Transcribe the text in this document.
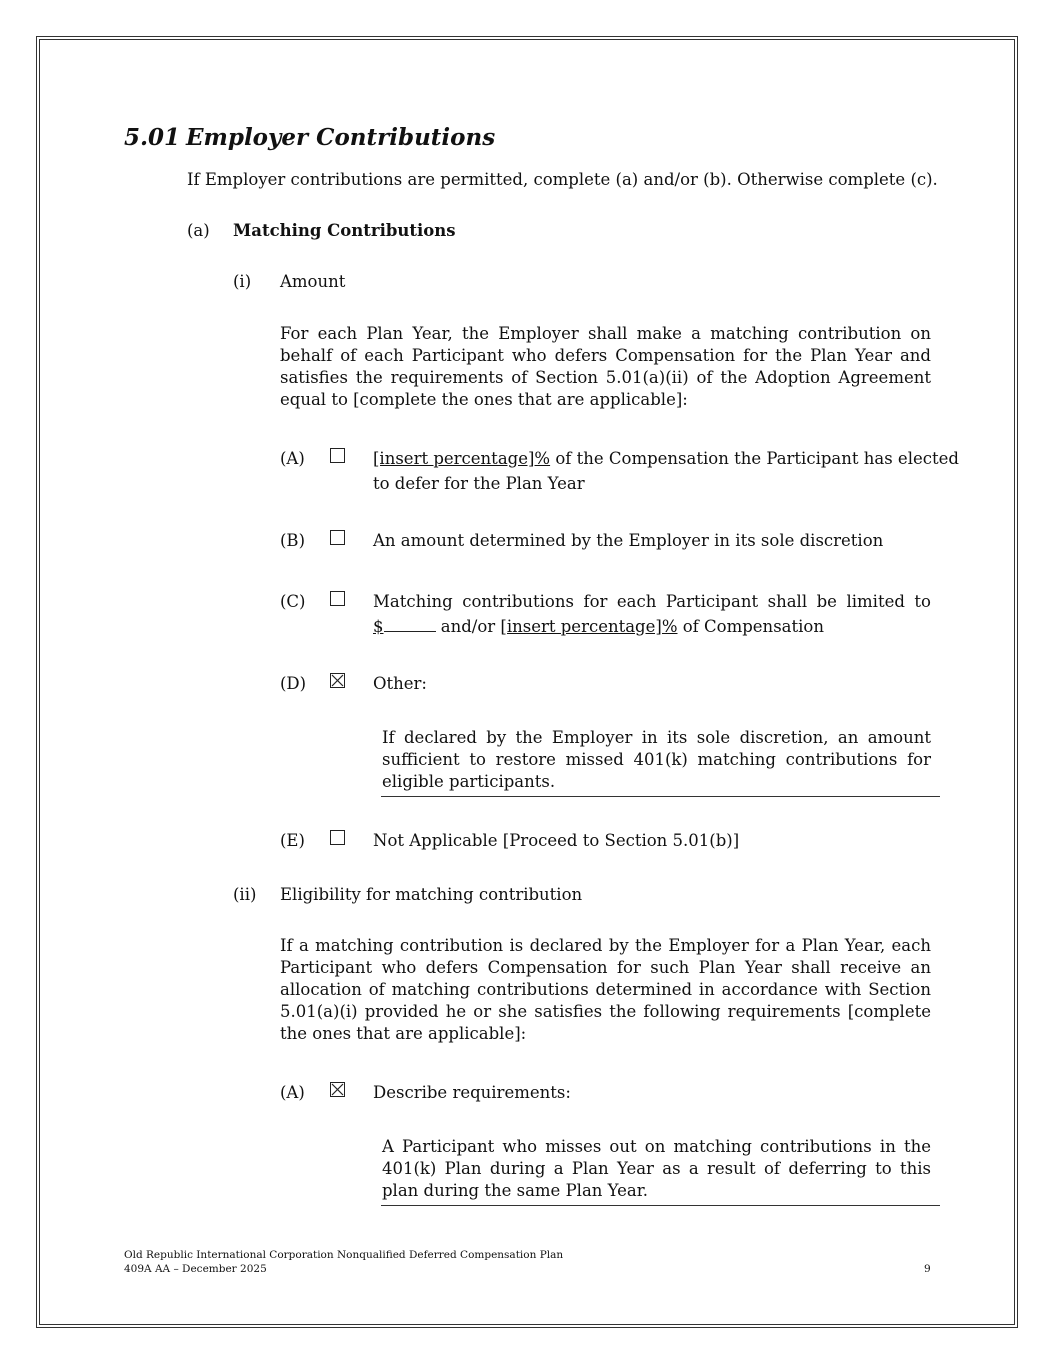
5.01 Employer Contributions
If Employer contributions are permitted, complete (a) and/or (b). Otherwise complete (c).
(a) Matching Contributions
(i) Amount
For each Plan Year, the Employer shall make a matching contribution on behalf of each Participant who defers Compensation for the Plan Year and satisfies the requirements of Section 5.01(a)(ii) of the Adoption Agreement equal to [complete the ones that are applicable]:
(A)	[insert percentage]% of the Compensation the Participant has elected
to defer for the Plan Year
(B)	An amount determined by the Employer in its sole discretion
(C)	Matching contributions for each Participant shall be limited to
$	and/or [insert percentage]% of Compensation
(D)	Other:
If declared by the Employer in its sole discretion, an amount sufficient to restore missed 401(k) matching contributions for eligible participants.
(E)	Not Applicable [Proceed to Section 5.01(b)]
(ii) Eligibility for matching contribution
If a matching contribution is declared by the Employer for a Plan Year, each Participant who defers Compensation for such Plan Year shall receive an allocation of matching contributions determined in accordance with Section 5.01(a)(i) provided he or she satisfies the following requirements [complete the ones that are applicable]:
(A)	Describe requirements:
A Participant who misses out on matching contributions in the 401(k) Plan during a Plan Year as a result of deferring to this plan during the same Plan Year.
Old Republic International Corporation Nonqualified Deferred Compensation Plan
409A AA – December 2025	9
